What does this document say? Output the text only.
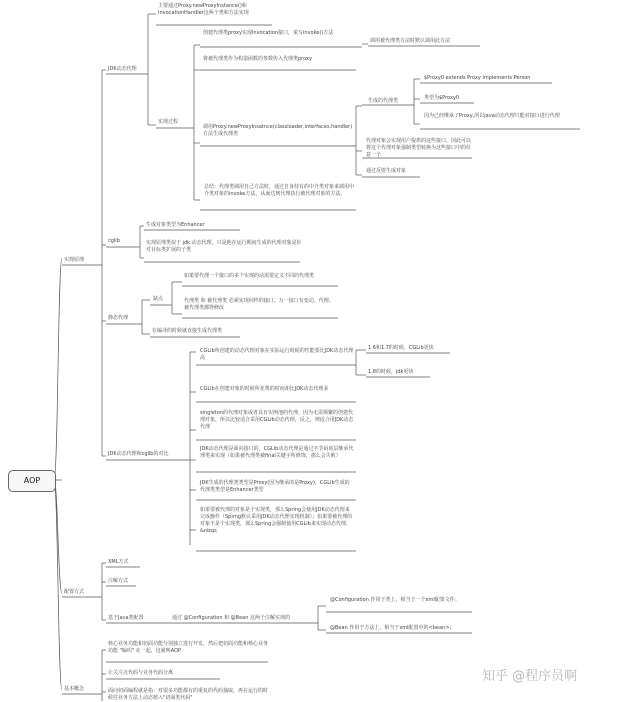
AOP
实现原理
配置方式
基本概念
JDK动态代理
主要通过Proxy.newProxyInstance()和InvocationHandler这两个类和方法实现
实现过程
创建代理类proxy实现Invocation接口，重写invoke()方法
调用被代理类方法时默认调用此方法
将被代理类作为构造函数的参数传入代理类proxy
调用Proxy.newProxyInsatnce(classloader,interfaces,handler)方法生成代理类
生成的代理类
$Proxy0 extends Proxy implements Person
类型为$Proxy0
因为已经继承了Proxy,所以java动态代理只能对接口进行代理
代理对象会实现用户提供的这些接口，因此可以将这个代理对象强制类型转换为这些接口中的任意一个
通过反射生成对象
总结：代理类调用自己方法时，通过自身持有的中介类对象来调用中介类对象的invoke方法，从而达到代理执行被代理对象的方法。
cglib
生成对象类型为Enhancer
实现原理类似于 jdk 动态代理，只是他在运行期间生成的代理对象是针对目标类扩展的子类
静态代理
缺点
如果要代理一个接口的多个实现的话需要定义不同的代理类
代理类 和 被代理类 必须实现同样的接口，万一接口有变动，代理、被代理类都得修改
在编译的时候就直接生成代理类
JDK动态代理和cglib的对比
CGLib所创建的动态代理对象在实际运行时候的性能要比JDK动态代理高
1.6和1.7的时候，CGLib更快
1.8的时候，jdk更快
CGLib在创建对象的时候所花费的时间却比JDK动态代理多
singleton的代理对象或者具有实例池的代理，因为无需频繁的创建代理对象，所以比较适合采用CGLib动态代理，反之，则适合用JDK动态代理
JDK动态代理是面向接口的，CGLib动态代理是通过字节码底层继承代理类来实现（如果被代理类被final关键字所修饰，那么会失败）
JDK生成的代理类类型是Proxy(因为继承的是Proxy)，CGLib生成的代理类类型是Enhancer类型
如果要被代理的对象是个实现类，那么Spring会使用JDK动态代理来完成操作（Spirng默认采用JDK动态代理实现机制）；如果要被代理的对象不是个实现类，那么Spring会强制使用CGLib来实现动态代理。&nbsp;
XML方式
注解方式
基于Java类配置	通过 @Configuration 和 @Bean 这两个注解实现的
@Configuration 作用于类上，相当于一个xml配置文件；
@Bean 作用于方法上，相当于xml配置中的<bean>；
核心业务功能和切面功能分别独立进行开发，然后把切面功能和核心业务功能 "编织" 在一起，这就叫AOP
让关注点代码与业务代码分离
面向切面编程就是指：对很多功能都有的重复的代码抽取，再在运行的时候往业务方法上动态植入"切面类代码"
知乎 @程序员啊
